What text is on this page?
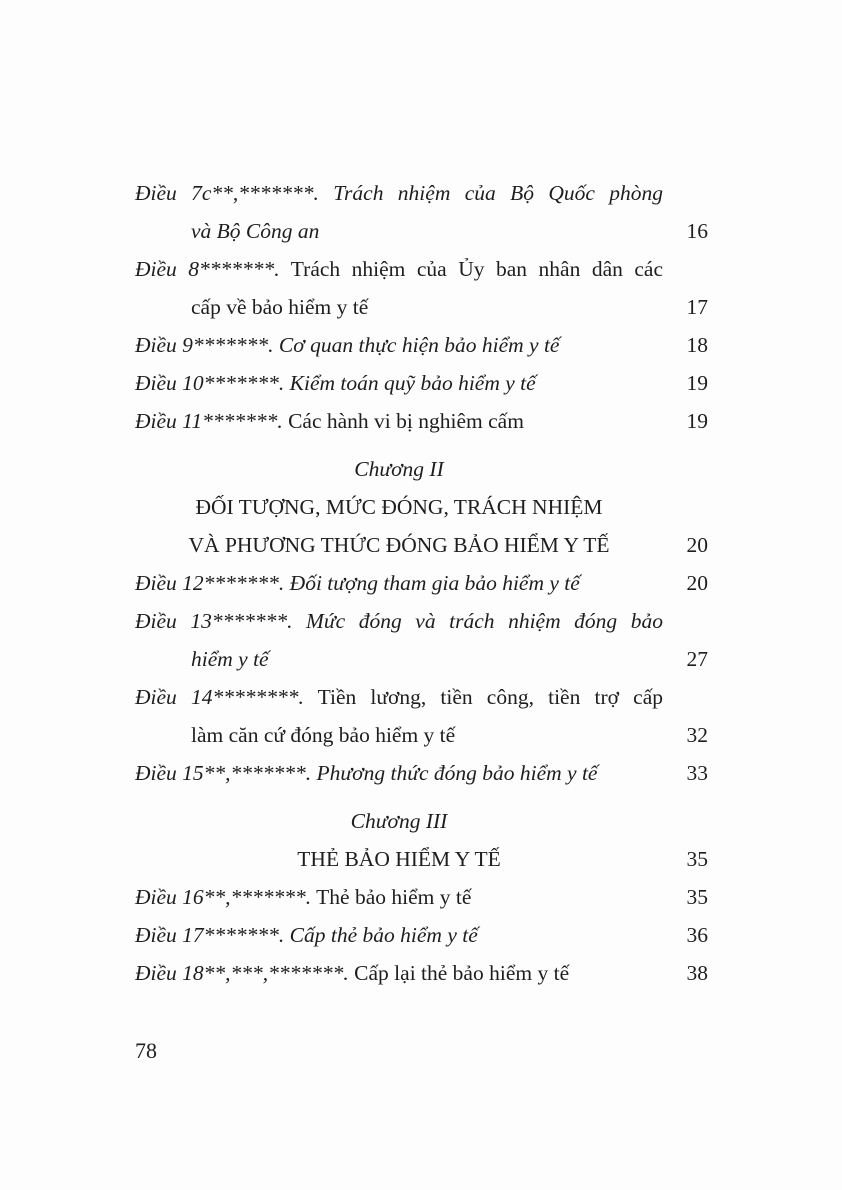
Điều 7c**,*******. Trách nhiệm của Bộ Quốc phòng
và Bộ Công an	16
Điều 8*******. Trách nhiệm của Ủy ban nhân dân các
cấp về bảo hiểm y tế	17
Điều 9*******. Cơ quan thực hiện bảo hiểm y tế	18
Điều 10*******. Kiểm toán quỹ bảo hiểm y tế	19
Điều 11*******. Các hành vi bị nghiêm cấm	19
Chương II
ĐỐI TƯỢNG, MỨC ĐÓNG, TRÁCH NHIỆM
VÀ PHƯƠNG THỨC ĐÓNG BẢO HIỂM Y TẾ	20
Điều 12*******. Đối tượng tham gia bảo hiểm y tế	20
Điều 13*******. Mức đóng và trách nhiệm đóng bảo
hiểm y tế	27
Điều 14********. Tiền lương, tiền công, tiền trợ cấp
làm căn cứ đóng bảo hiểm y tế	32
Điều 15**,*******. Phương thức đóng bảo hiểm y tế	33
Chương III
THẺ BẢO HIỂM Y TẾ	35
Điều 16**,*******. Thẻ bảo hiểm y tế	35
Điều 17*******. Cấp thẻ bảo hiểm y tế	36
Điều 18**,***,*******. Cấp lại thẻ bảo hiểm y tế	38
78
